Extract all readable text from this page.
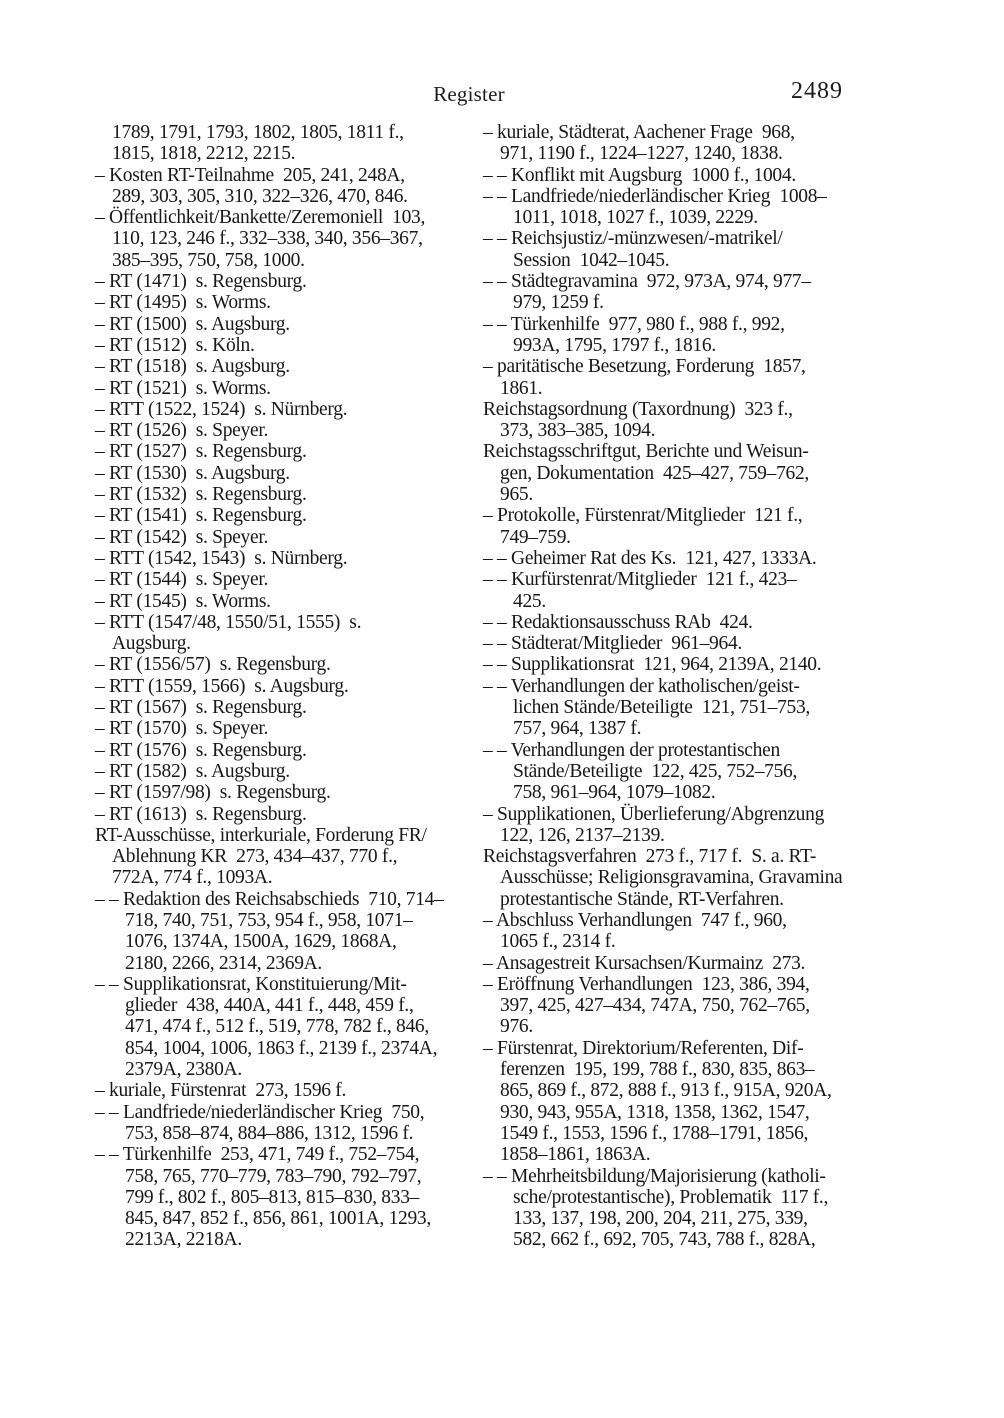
Register	2489
1789, 1791, 1793, 1802, 1805, 1811 f.,
1815, 1818, 2212, 2215.
– Kosten RT-Teilnahme  205, 241, 248A,
289, 303, 305, 310, 322–326, 470, 846.
– Öffentlichkeit/Bankette/Zeremoniell  103,
110, 123, 246 f., 332–338, 340, 356–367,
385–395, 750, 758, 1000.
– RT (1471)  s. Regensburg.
– RT (1495)  s. Worms.
– RT (1500)  s. Augsburg.
– RT (1512)  s. Köln.
– RT (1518)  s. Augsburg.
– RT (1521)  s. Worms.
– RTT (1522, 1524)  s. Nürnberg.
– RT (1526)  s. Speyer.
– RT (1527)  s. Regensburg.
– RT (1530)  s. Augsburg.
– RT (1532)  s. Regensburg.
– RT (1541)  s. Regensburg.
– RT (1542)  s. Speyer.
– RTT (1542, 1543)  s. Nürnberg.
– RT (1544)  s. Speyer.
– RT (1545)  s. Worms.
– RTT (1547/48, 1550/51, 1555)  s.
Augsburg.
– RT (1556/57)  s. Regensburg.
– RTT (1559, 1566)  s. Augsburg.
– RT (1567)  s. Regensburg.
– RT (1570)  s. Speyer.
– RT (1576)  s. Regensburg.
– RT (1582)  s. Augsburg.
– RT (1597/98)  s. Regensburg.
– RT (1613)  s. Regensburg.
RT-Ausschüsse, interkuriale, Forderung FR/
Ablehnung KR  273, 434–437, 770 f.,
772A, 774 f., 1093A.
– – Redaktion des Reichsabschieds  710, 714–
718, 740, 751, 753, 954 f., 958, 1071–
1076, 1374A, 1500A, 1629, 1868A,
2180, 2266, 2314, 2369A.
– – Supplikationsrat, Konstituierung/Mit-
glieder  438, 440A, 441 f., 448, 459 f.,
471, 474 f., 512 f., 519, 778, 782 f., 846,
854, 1004, 1006, 1863 f., 2139 f., 2374A,
2379A, 2380A.
– kuriale, Fürstenrat  273, 1596 f.
– – Landfriede/niederländischer Krieg  750,
753, 858–874, 884–886, 1312, 1596 f.
– – Türkenhilfe  253, 471, 749 f., 752–754,
758, 765, 770–779, 783–790, 792–797,
799 f., 802 f., 805–813, 815–830, 833–
845, 847, 852 f., 856, 861, 1001A, 1293,
2213A, 2218A.
– kuriale, Städterat, Aachener Frage  968,
971, 1190 f., 1224–1227, 1240, 1838.
– – Konflikt mit Augsburg  1000 f., 1004.
– – Landfriede/niederländischer Krieg  1008–
1011, 1018, 1027 f., 1039, 2229.
– – Reichsjustiz/-münzwesen/-matrikel/
Session  1042–1045.
– – Städtegravamina  972, 973A, 974, 977–
979, 1259 f.
– – Türkenhilfe  977, 980 f., 988 f., 992,
993A, 1795, 1797 f., 1816.
– paritätische Besetzung, Forderung  1857,
1861.
Reichstagsordnung (Taxordnung)  323 f.,
373, 383–385, 1094.
Reichstagsschriftgut, Berichte und Weisun-
gen, Dokumentation  425–427, 759–762,
965.
– Protokolle, Fürstenrat/Mitglieder  121 f.,
749–759.
– – Geheimer Rat des Ks.  121, 427, 1333A.
– – Kurfürstenrat/Mitglieder  121 f., 423–
425.
– – Redaktionsausschuss RAb  424.
– – Städterat/Mitglieder  961–964.
– – Supplikationsrat  121, 964, 2139A, 2140.
– – Verhandlungen der katholischen/geist-
lichen Stände/Beteiligte  121, 751–753,
757, 964, 1387 f.
– – Verhandlungen der protestantischen
Stände/Beteiligte  122, 425, 752–756,
758, 961–964, 1079–1082.
– Supplikationen, Überlieferung/Abgrenzung
122, 126, 2137–2139.
Reichstagsverfahren  273 f., 717 f.  S. a. RT-
Ausschüsse; Religionsgravamina, Gravamina
protestantische Stände, RT-Verfahren.
– Abschluss Verhandlungen  747 f., 960,
1065 f., 2314 f.
– Ansagestreit Kursachsen/Kurmainz  273.
– Eröffnung Verhandlungen  123, 386, 394,
397, 425, 427–434, 747A, 750, 762–765,
976.
– Fürstenrat, Direktorium/Referenten, Dif-
ferenzen  195, 199, 788 f., 830, 835, 863–
865, 869 f., 872, 888 f., 913 f., 915A, 920A,
930, 943, 955A, 1318, 1358, 1362, 1547,
1549 f., 1553, 1596 f., 1788–1791, 1856,
1858–1861, 1863A.
– – Mehrheitsbildung/Majorisierung (katholi-
sche/protestantische), Problematik  117 f.,
133, 137, 198, 200, 204, 211, 275, 339,
582, 662 f., 692, 705, 743, 788 f., 828A,
